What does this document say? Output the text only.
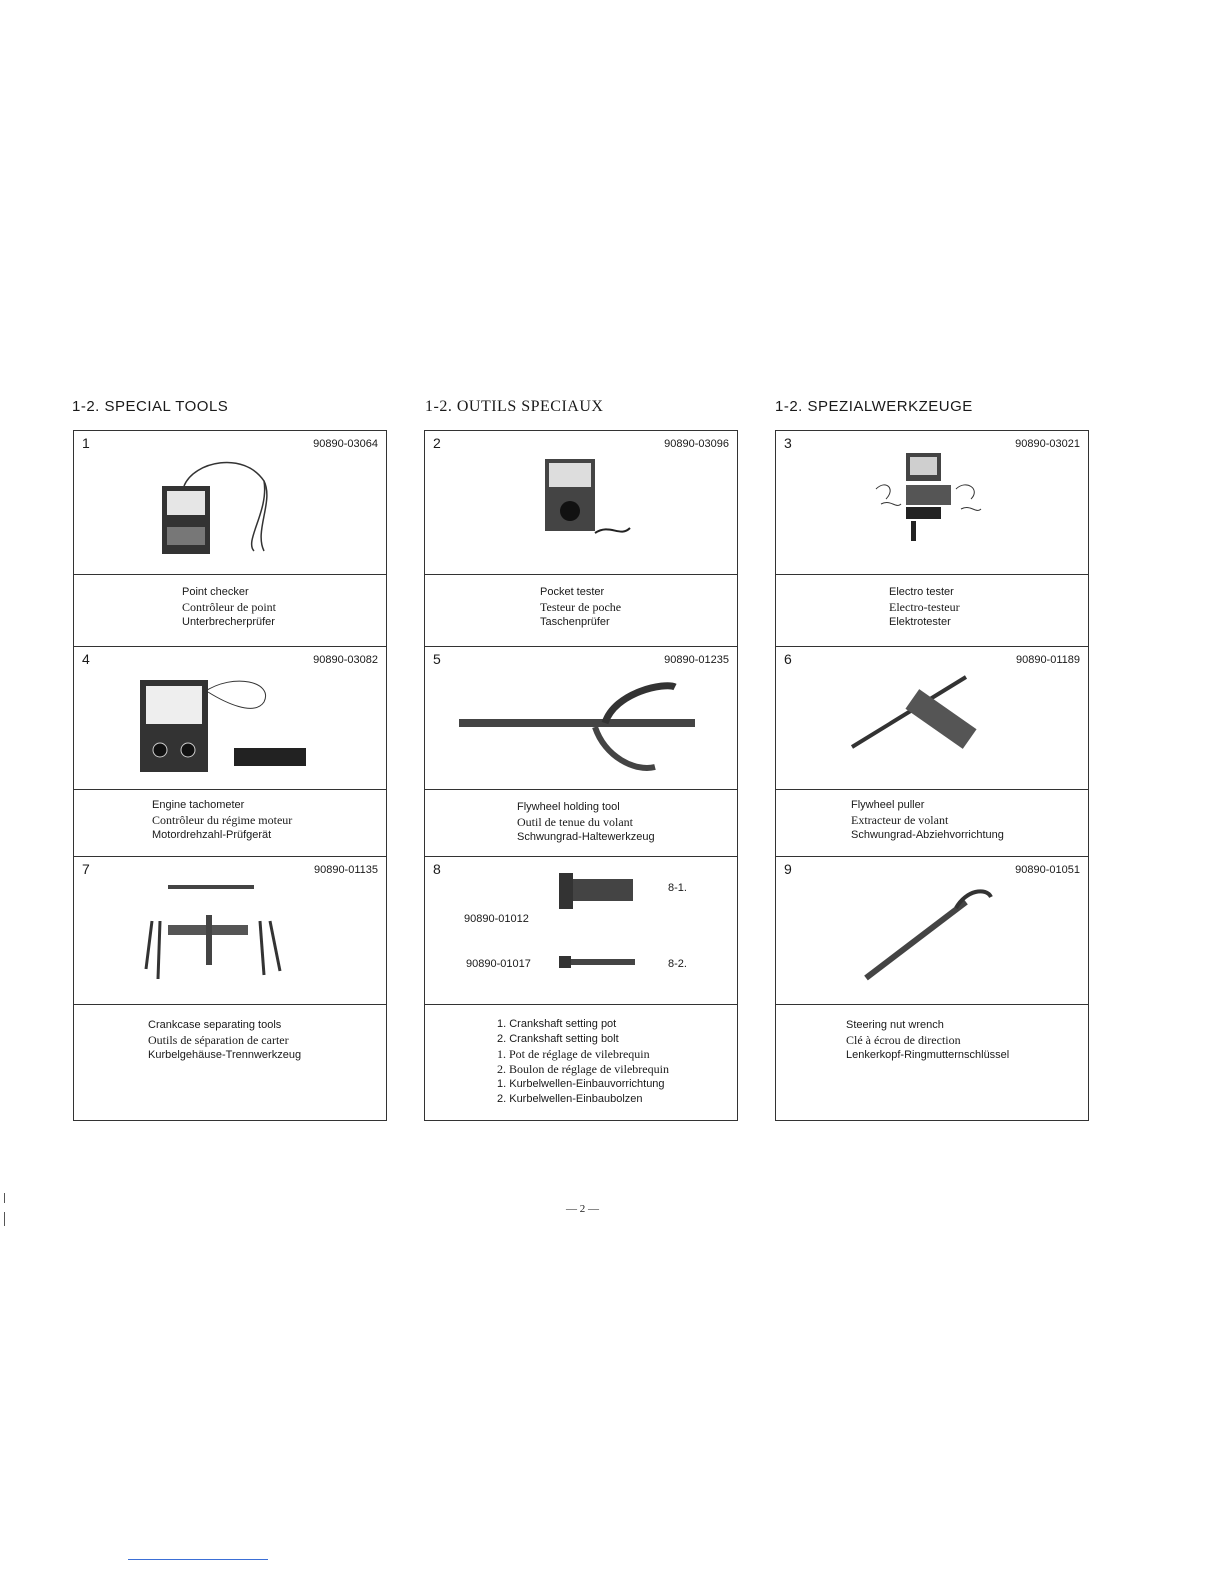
1-2. SPECIAL TOOLS	1-2. OUTILS SPECIAUX	1-2. SPEZIALWERKZEUGE
1	90890-03064
Point checker
Contrôleur de point
Unterbrecherprüfer
2	90890-03096
Pocket tester
Testeur de poche
Taschenprüfer
3	90890-03021
Electro tester
Electro-testeur
Elektrotester
4	90890-03082
Engine tachometer
Contrôleur du régime moteur
Motordrehzahl-Prüfgerät
5	90890-01235
Flywheel holding tool
Outil de tenue du volant
Schwungrad-Haltewerkzeug
6	90890-01189
Flywheel puller
Extracteur de volant
Schwungrad-Abziehvorrichtung
7	90890-01135
Crankcase separating tools
Outils de séparation de carter
Kurbelgehäuse-Trennwerkzeug
8
8-1.
90890-01012
90890-01017	8-2.
1. Crankshaft setting pot
2. Crankshaft setting bolt
1. Pot de réglage de vilebrequin
2. Boulon de réglage de vilebrequin
1. Kurbelwellen-Einbauvorrichtung
2. Kurbelwellen-Einbaubolzen
9	90890-01051
Steering nut wrench
Clé à écrou de direction
Lenkerkopf-Ringmutternschlüssel
— 2 —
